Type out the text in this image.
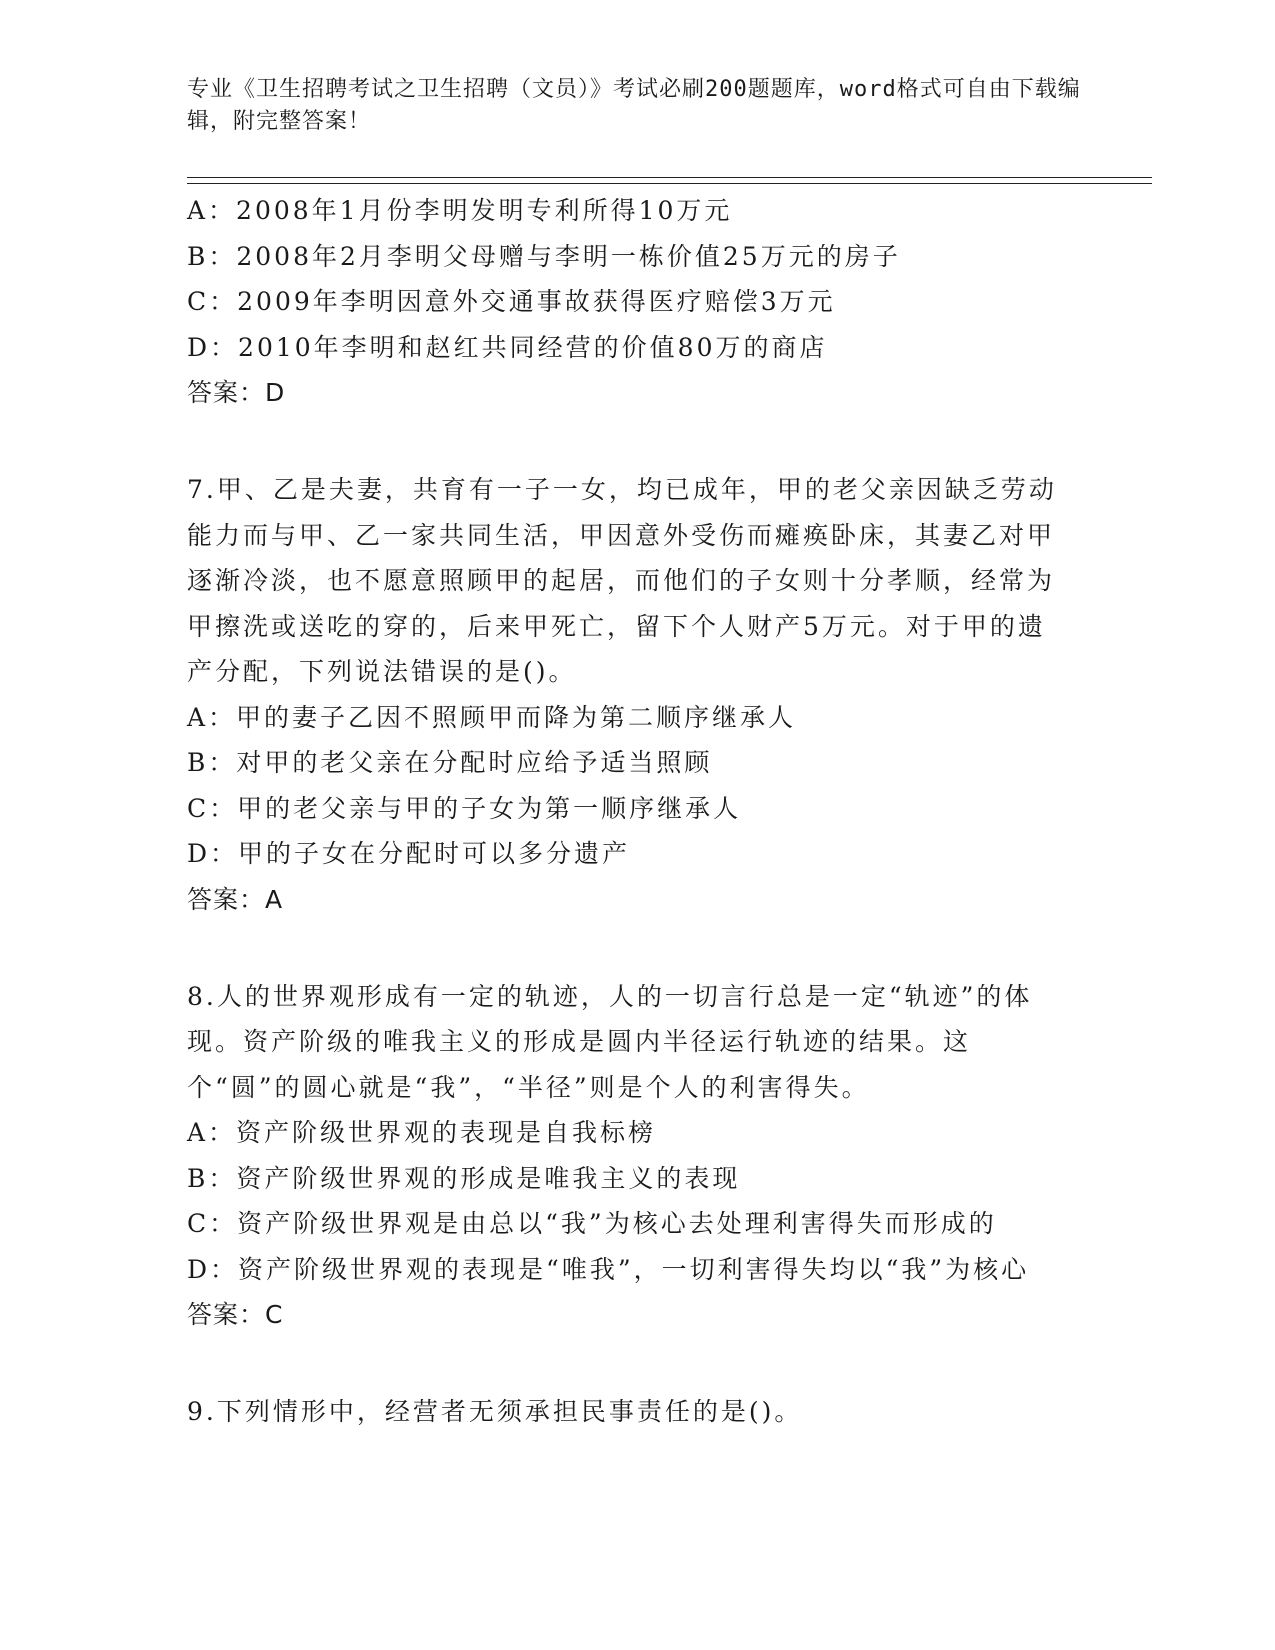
专业《卫生招聘考试之卫生招聘（文员）》考试必刷200题题库，word格式可自由下载编辑，附完整答案！
A：2008年1月份李明发明专利所得10万元
B：2008年2月李明父母赠与李明一栋价值25万元的房子
C：2009年李明因意外交通事故获得医疗赔偿3万元
D：2010年李明和赵红共同经营的价值80万的商店
答案：D
7.甲、乙是夫妻，共育有一子一女，均已成年，甲的老父亲因缺乏劳动能力而与甲、乙一家共同生活，甲因意外受伤而瘫痪卧床，其妻乙对甲逐渐冷淡，也不愿意照顾甲的起居，而他们的子女则十分孝顺，经常为甲擦洗或送吃的穿的，后来甲死亡，留下个人财产5万元。对于甲的遗产分配，下列说法错误的是()。
A：甲的妻子乙因不照顾甲而降为第二顺序继承人
B：对甲的老父亲在分配时应给予适当照顾
C：甲的老父亲与甲的子女为第一顺序继承人
D：甲的子女在分配时可以多分遗产
答案：A
8.人的世界观形成有一定的轨迹，人的一切言行总是一定“轨迹”的体现。资产阶级的唯我主义的形成是圆内半径运行轨迹的结果。这个“圆”的圆心就是“我”，“半径”则是个人的利害得失。
A：资产阶级世界观的表现是自我标榜
B：资产阶级世界观的形成是唯我主义的表现
C：资产阶级世界观是由总以“我”为核心去处理利害得失而形成的
D：资产阶级世界观的表现是“唯我”，一切利害得失均以“我”为核心
答案：C
9.下列情形中，经营者无须承担民事责任的是()。
